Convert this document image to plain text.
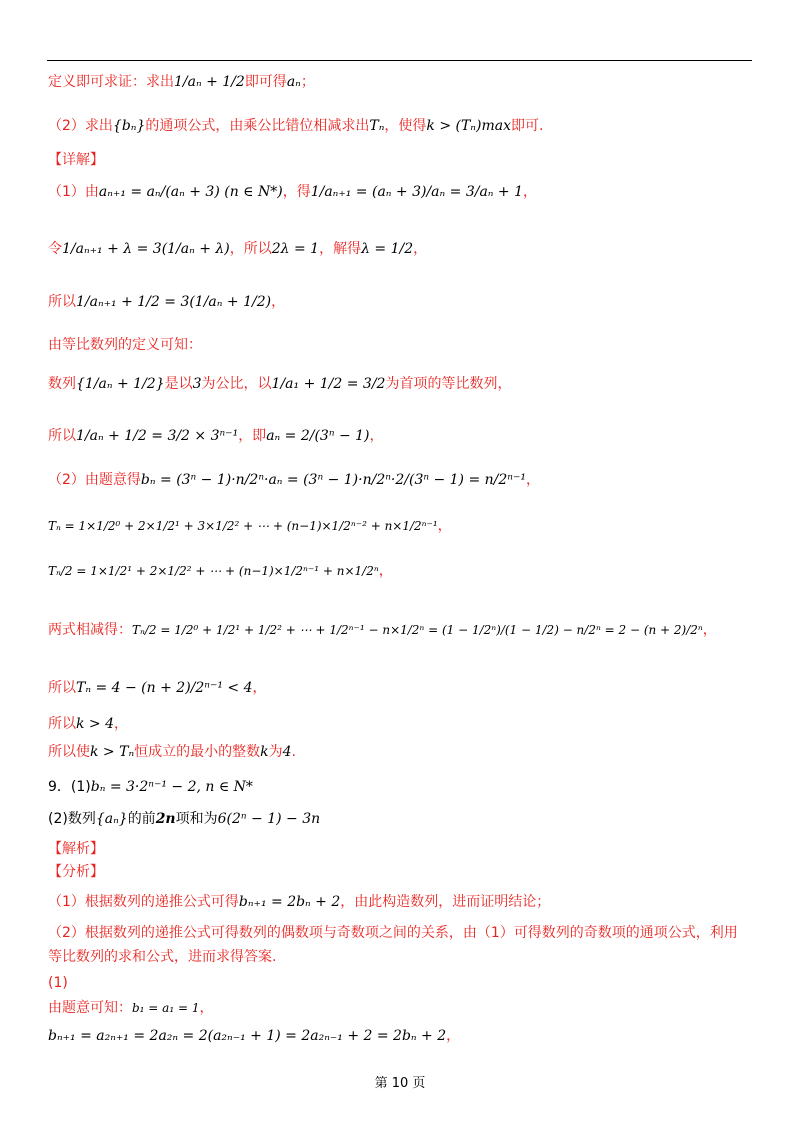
定义即可求证：求出 1/aₙ + 1/2 即可得 aₙ ；
（2）求出 {bₙ} 的通项公式，由乘公比错位相减求出 Tₙ ，使得 k > (Tₙ)max 即可.
【详解】
（1）由 aₙ₊₁ = aₙ/(aₙ + 3) (n ∈ N*) ，得 1/aₙ₊₁ = (aₙ + 3)/aₙ = 3/aₙ + 1 ，
令 1/aₙ₊₁ + λ = 3(1/aₙ + λ) ，所以 2λ = 1 ，解得 λ = 1/2 ，
所以 1/aₙ₊₁ + 1/2 = 3(1/aₙ + 1/2) ，
由等比数列的定义可知：
数列 {1/aₙ + 1/2} 是以 3 为公比，以 1/a₁ + 1/2 = 3/2 为首项的等比数列，
所以 1/aₙ + 1/2 = 3/2 × 3ⁿ⁻¹ ，即 aₙ = 2/(3ⁿ − 1) ，
（2）由题意得 bₙ = (3ⁿ − 1)·n/2ⁿ·aₙ = (3ⁿ − 1)·n/2ⁿ·2/(3ⁿ − 1) = n/2ⁿ⁻¹ ，
Tₙ = 1×1/2⁰ + 2×1/2¹ + 3×1/2² + ⋯ + (n−1)×1/2ⁿ⁻² + n×1/2ⁿ⁻¹ ，
Tₙ/2 = 1×1/2¹ + 2×1/2² + ⋯ + (n−1)×1/2ⁿ⁻¹ + n×1/2ⁿ ，
两式相减得： Tₙ/2 = 1/2⁰ + 1/2¹ + 1/2² + ⋯ + 1/2ⁿ⁻¹ − n×1/2ⁿ = (1 − 1/2ⁿ)/(1 − 1/2) − n/2ⁿ = 2 − (n + 2)/2ⁿ ，
所以 Tₙ = 4 − (n + 2)/2ⁿ⁻¹ < 4 ，
所以 k > 4 ，
所以使 k > Tₙ 恒成立的最小的整数 k 为 4 .
9．(1) bₙ = 3·2ⁿ⁻¹ − 2, n ∈ N*
(2)数列 {aₙ} 的前 2n 项和为 6(2ⁿ − 1) − 3n
【解析】
【分析】
（1）根据数列的递推公式可得 bₙ₊₁ = 2bₙ + 2 ，由此构造数列，进而证明结论；
（2）根据数列的递推公式可得数列的偶数项与奇数项之间的关系，由（1）可得数列的奇数项的通项公式，利用
等比数列的求和公式，进而求得答案.
(1)
由题意可知： b₁ = a₁ = 1 ，
bₙ₊₁ = a₂ₙ₊₁ = 2a₂ₙ = 2(a₂ₙ₋₁ + 1) = 2a₂ₙ₋₁ + 2 = 2bₙ + 2 ，
第 10 页
